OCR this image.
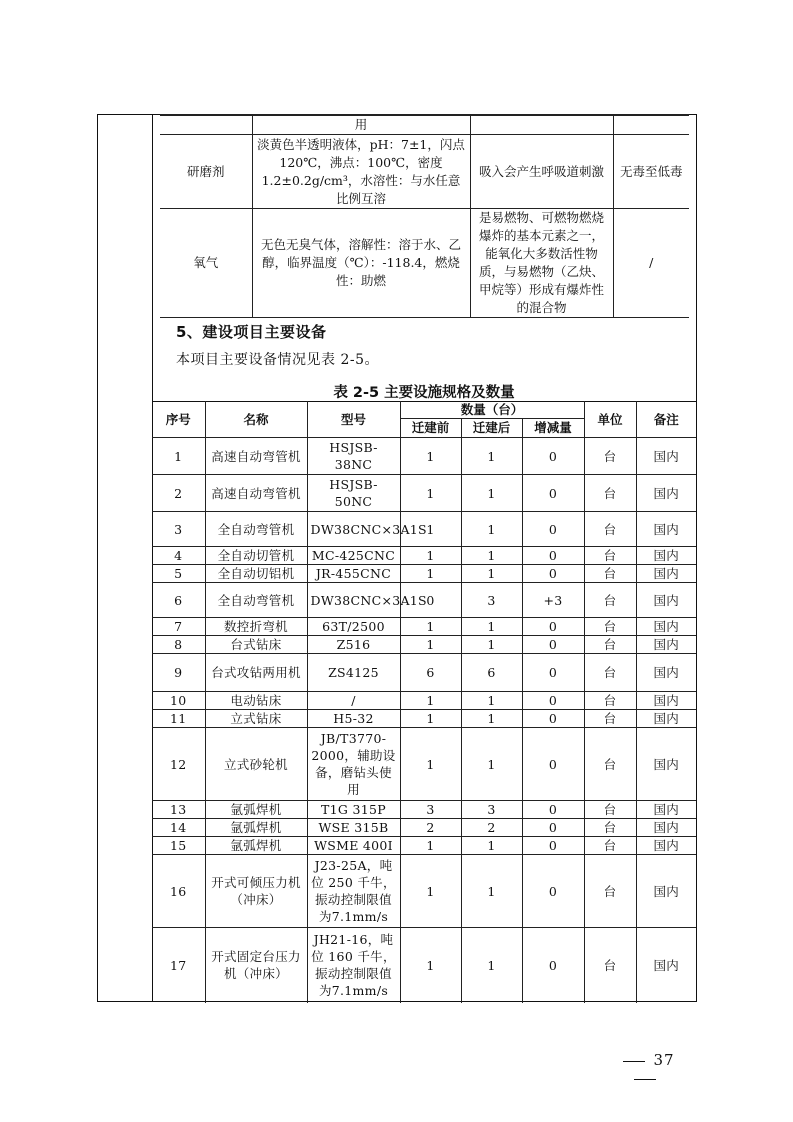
	用		
研磨剂	淡黄色半透明液体，pH：7±1，闪点 120℃，沸点：100℃，密度 1.2±0.2g/cm³，水溶性：与水任意比例互溶	吸入会产生呼吸道刺激	无毒至低毒
氧气	无色无臭气体，溶解性：溶于水、乙醇，临界温度（℃）：-118.4，燃烧性：助燃	是易燃物、可燃物燃烧爆炸的基本元素之一，能氧化大多数活性物质，与易燃物（乙炔、甲烷等）形成有爆炸性的混合物	/
5、建设项目主要设备
本项目主要设备情况见表 2-5。
表 2-5 主要设施规格及数量
序号	名称	型号	数量（台）	单位	备注
迁建前	迁建后	增减量
1	高速自动弯管机	HSJSB-38NC	1	1	0	台	国内
2	高速自动弯管机	HSJSB-50NC	1	1	0	台	国内
3	全自动弯管机	DW38CNC×3A1S	1	1	0	台	国内
4	全自动切管机	MC-425CNC	1	1	0	台	国内
5	全自动切铝机	JR-455CNC	1	1	0	台	国内
6	全自动弯管机	DW38CNC×3A1S	0	3	+3	台	国内
7	数控折弯机	63T/2500	1	1	0	台	国内
8	台式钻床	Z516	1	1	0	台	国内
9	台式攻钻两用机	ZS4125	6	6	0	台	国内
10	电动钻床	/	1	1	0	台	国内
11	立式钻床	H5-32	1	1	0	台	国内
12	立式砂轮机	JB/T3770-2000，辅助设备，磨钻头使用	1	1	0	台	国内
13	氩弧焊机	T1G 315P	3	3	0	台	国内
14	氩弧焊机	WSE 315B	2	2	0	台	国内
15	氩弧焊机	WSME 400I	1	1	0	台	国内
16	开式可倾压力机（冲床）	J23-25A，吨位 250 千牛，振动控制限值为7.1mm/s	1	1	0	台	国内
17	开式固定台压力机（冲床）	JH21-16，吨位 160 千牛，振动控制限值为7.1mm/s	1	1	0	台	国内
37
